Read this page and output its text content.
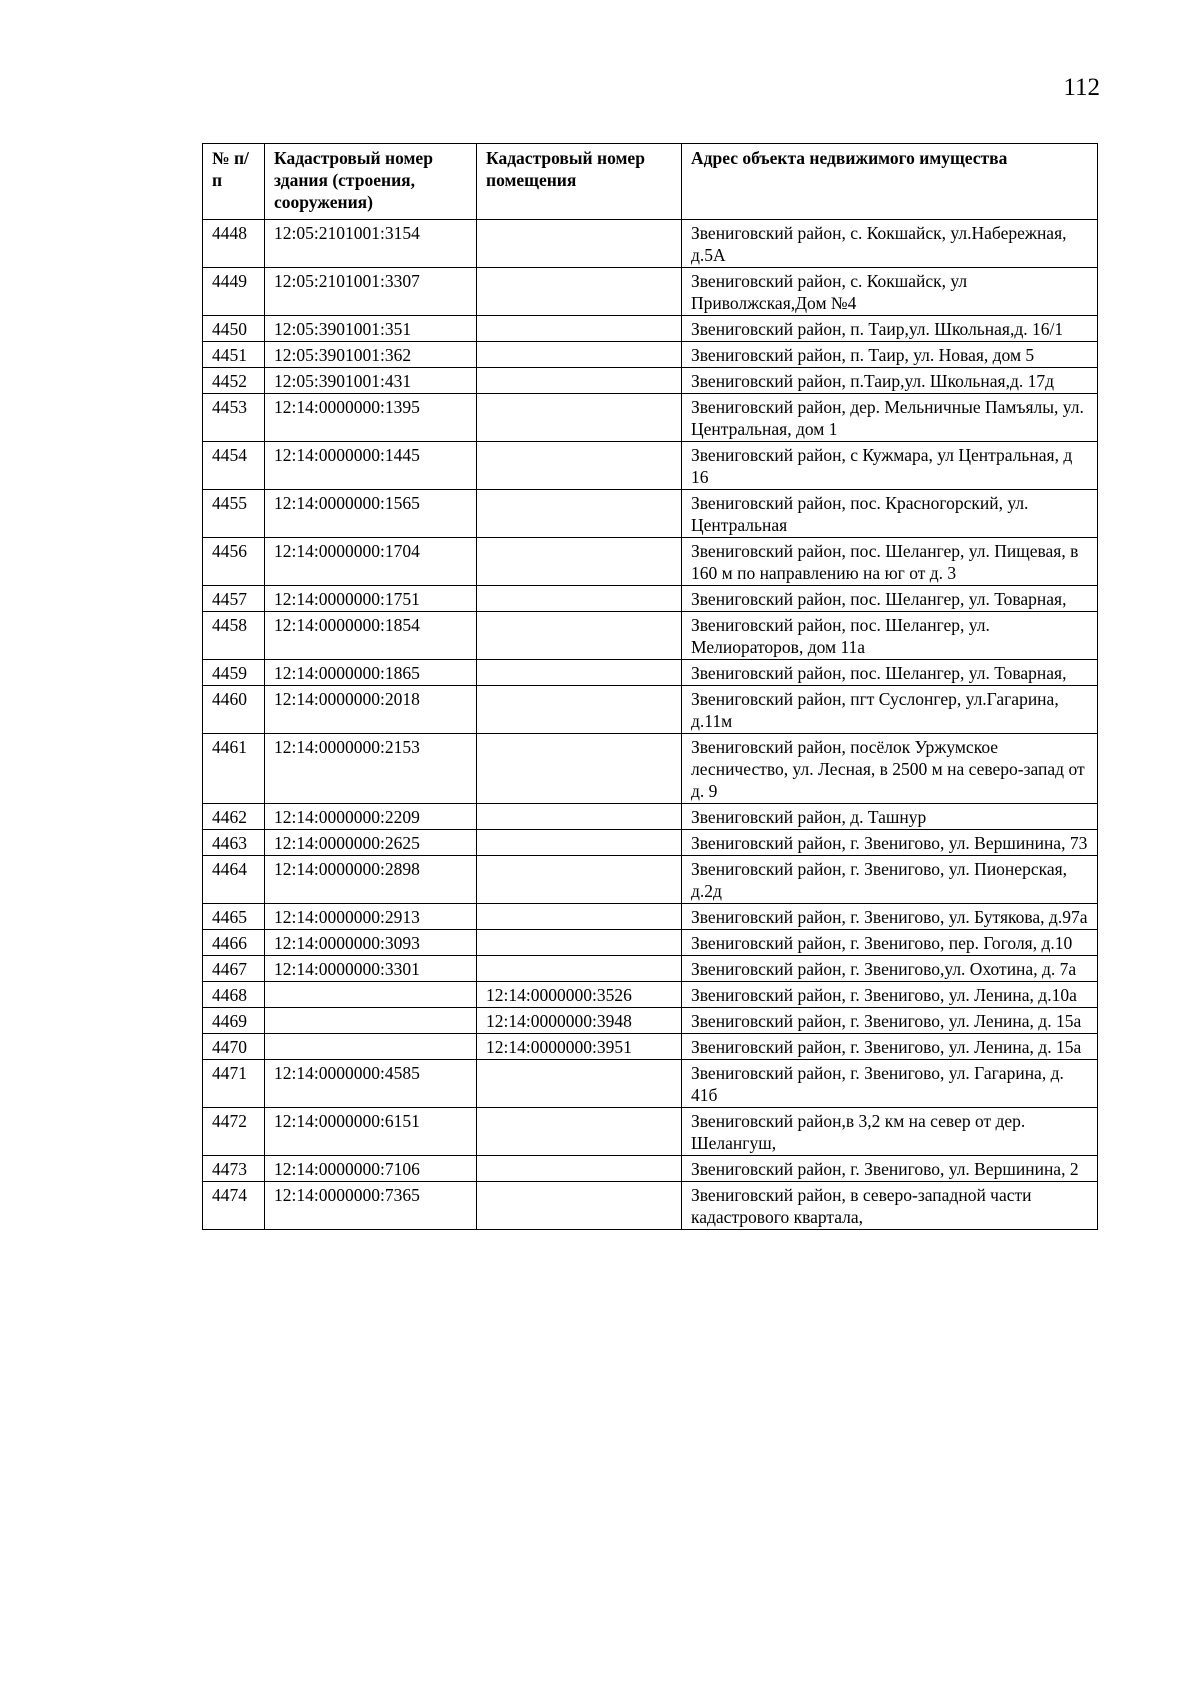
112
№ п/п	Кадастровый номер здания (строения, сооружения)	Кадастровый номер помещения	Адрес объекта недвижимого имущества
4448	12:05:2101001:3154		Звениговский район, с. Кокшайск, ул.Набережная, д.5А
4449	12:05:2101001:3307		Звениговский район, с. Кокшайск, ул Приволжская,Дом №4
4450	12:05:3901001:351		Звениговский район, п. Таир,ул. Школьная,д. 16/1
4451	12:05:3901001:362		Звениговский район, п. Таир, ул. Новая, дом 5
4452	12:05:3901001:431		Звениговский район, п.Таир,ул. Школьная,д. 17д
4453	12:14:0000000:1395		Звениговский район, дер. Мельничные Памъялы, ул. Центральная, дом 1
4454	12:14:0000000:1445		Звениговский район, с Кужмара, ул Центральная, д 16
4455	12:14:0000000:1565		Звениговский район, пос. Красногорский, ул. Центральная
4456	12:14:0000000:1704		Звениговский район, пос. Шелангер, ул. Пищевая, в 160 м по направлению на юг от д. 3
4457	12:14:0000000:1751		Звениговский район, пос. Шелангер, ул. Товарная,
4458	12:14:0000000:1854		Звениговский район, пос. Шелангер, ул. Мелиораторов, дом 11а
4459	12:14:0000000:1865		Звениговский район, пос. Шелангер, ул. Товарная,
4460	12:14:0000000:2018		Звениговский район, пгт Суслонгер, ул.Гагарина, д.11м
4461	12:14:0000000:2153		Звениговский район, посёлок Уржумское лесничество, ул. Лесная, в 2500 м на северо-запад от д. 9
4462	12:14:0000000:2209		Звениговский район, д. Ташнур
4463	12:14:0000000:2625		Звениговский район, г. Звенигово, ул. Вершинина, 73
4464	12:14:0000000:2898		Звениговский район, г. Звенигово, ул. Пионерская, д.2д
4465	12:14:0000000:2913		Звениговский район, г. Звенигово, ул. Бутякова, д.97а
4466	12:14:0000000:3093		Звениговский район, г. Звенигово, пер. Гоголя, д.10
4467	12:14:0000000:3301		Звениговский район, г. Звенигово,ул. Охотина, д. 7а
4468		12:14:0000000:3526	Звениговский район, г. Звенигово, ул. Ленина, д.10а
4469		12:14:0000000:3948	Звениговский район, г. Звенигово, ул. Ленина, д. 15а
4470		12:14:0000000:3951	Звениговский район, г. Звенигово, ул. Ленина, д. 15а
4471	12:14:0000000:4585		Звениговский район, г. Звенигово, ул. Гагарина, д. 41б
4472	12:14:0000000:6151		Звениговский район,в 3,2 км на север от дер. Шелангуш,
4473	12:14:0000000:7106		Звениговский район, г. Звенигово, ул. Вершинина, 2
4474	12:14:0000000:7365		Звениговский район, в северо-западной части кадастрового квартала,
